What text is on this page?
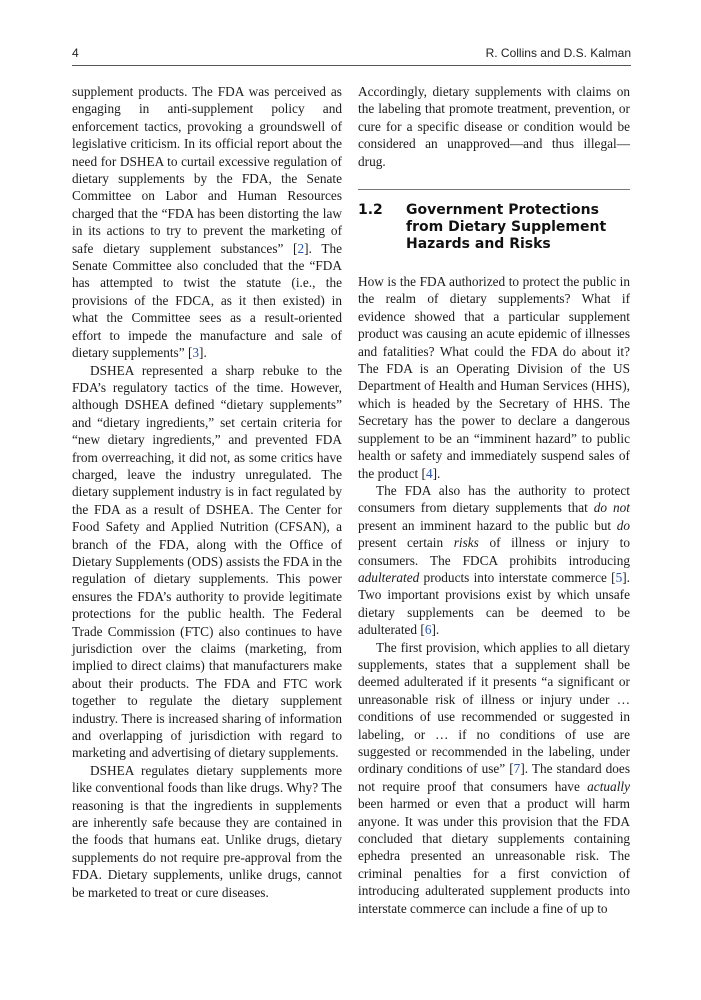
4	R. Collins and D.S. Kalman

supplement products. The FDA was perceived as engaging in anti-supplement policy and enforcement tactics, provoking a groundswell of legislative criticism. In its official report about the need for DSHEA to curtail excessive regulation of dietary supplements by the FDA, the Senate Committee on Labor and Human Resources charged that the “FDA has been distorting the law in its actions to try to prevent the marketing of safe dietary supplement substances” [2]. The Senate Committee also concluded that the “FDA has attempted to twist the statute (i.e., the provisions of the FDCA, as it then existed) in what the Committee sees as a result-oriented effort to impede the manufacture and sale of dietary supplements” [3].

DSHEA represented a sharp rebuke to the FDA’s regulatory tactics of the time. However, although DSHEA defined “dietary supplements” and “dietary ingredients,” set certain criteria for “new dietary ingredients,” and prevented FDA from overreaching, it did not, as some critics have charged, leave the industry unregulated. The dietary supplement industry is in fact regulated by the FDA as a result of DSHEA. The Center for Food Safety and Applied Nutrition (CFSAN), a branch of the FDA, along with the Office of Dietary Supplements (ODS) assists the FDA in the regulation of dietary supplements. This power ensures the FDA’s authority to provide legitimate protections for the public health. The Federal Trade Commission (FTC) also continues to have jurisdiction over the claims (marketing, from implied to direct claims) that manufacturers make about their products. The FDA and FTC work together to regulate the dietary supplement industry. There is increased sharing of information and overlapping of jurisdiction with regard to marketing and advertising of dietary supplements.

DSHEA regulates dietary supplements more like conventional foods than like drugs. Why? The reasoning is that the ingredients in supplements are inherently safe because they are contained in the foods that humans eat. Unlike drugs, dietary supplements do not require pre-approval from the FDA. Dietary supplements, unlike drugs, cannot be marketed to treat or cure diseases.

Accordingly, dietary supplements with claims on the labeling that promote treatment, prevention, or cure for a specific disease or condition would be considered an unapproved—and thus illegal—drug.

1.2	Government Protections from Dietary Supplement Hazards and Risks

How is the FDA authorized to protect the public in the realm of dietary supplements? What if evidence showed that a particular supplement product was causing an acute epidemic of illnesses and fatalities? What could the FDA do about it? The FDA is an Operating Division of the US Department of Health and Human Services (HHS), which is headed by the Secretary of HHS. The Secretary has the power to declare a dangerous supplement to be an “imminent hazard” to public health or safety and immediately suspend sales of the product [4].

The FDA also has the authority to protect consumers from dietary supplements that do not present an imminent hazard to the public but do present certain risks of illness or injury to consumers. The FDCA prohibits introducing adulterated products into interstate commerce [5]. Two important provisions exist by which unsafe dietary supplements can be deemed to be adulterated [6].

The first provision, which applies to all dietary supplements, states that a supplement shall be deemed adulterated if it presents “a significant or unreasonable risk of illness or injury under … conditions of use recommended or suggested in labeling, or … if no conditions of use are suggested or recommended in the labeling, under ordinary conditions of use” [7]. The standard does not require proof that consumers have actually been harmed or even that a product will harm anyone. It was under this provision that the FDA concluded that dietary supplements containing ephedra presented an unreasonable risk. The criminal penalties for a first conviction of introducing adulterated supplement products into interstate commerce can include a fine of up to
